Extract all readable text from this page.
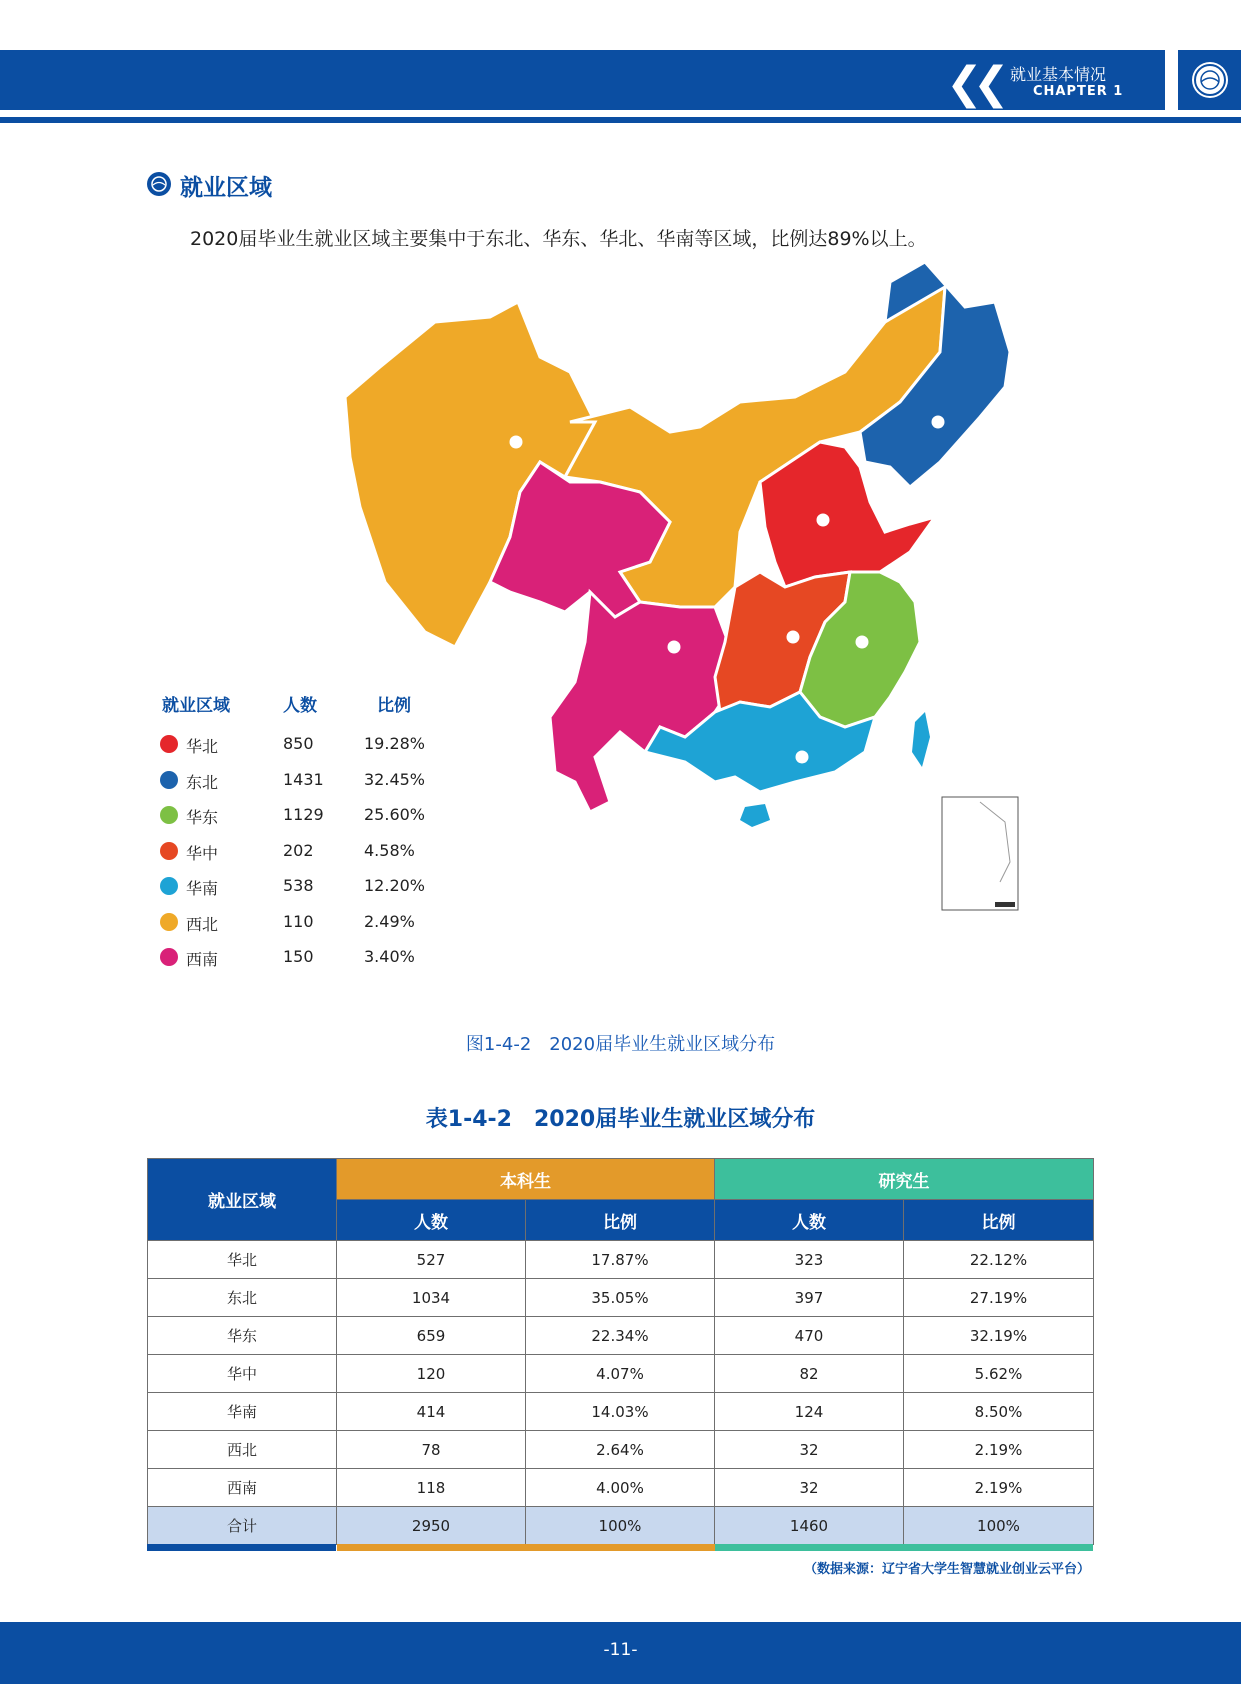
❮❮ 就业基本情况
CHAPTER 1
就业区域
2020届毕业生就业区域主要集中于东北、华东、华北、华南等区域，比例达89%以上。
就业区域	人数	比例
华北	850	19.28%
东北	1431	32.45%
华东	1129	25.60%
华中	202	4.58%
华南	538	12.20%
西北	110	2.49%
西南	150	3.40%
图1-4-2　2020届毕业生就业区域分布
表1-4-2　2020届毕业生就业区域分布
就业区域	本科生		研究生	
	人数	比例	人数	比例
华北	527	17.87%	323	22.12%
东北	1034	35.05%	397	27.19%
华东	659	22.34%	470	32.19%
华中	120	4.07%	82	5.62%
华南	414	14.03%	124	8.50%
西北	78	2.64%	32	2.19%
西南	118	4.00%	32	2.19%
合计	2950	100%	1460	100%
（数据来源：辽宁省大学生智慧就业创业云平台）
-11-
